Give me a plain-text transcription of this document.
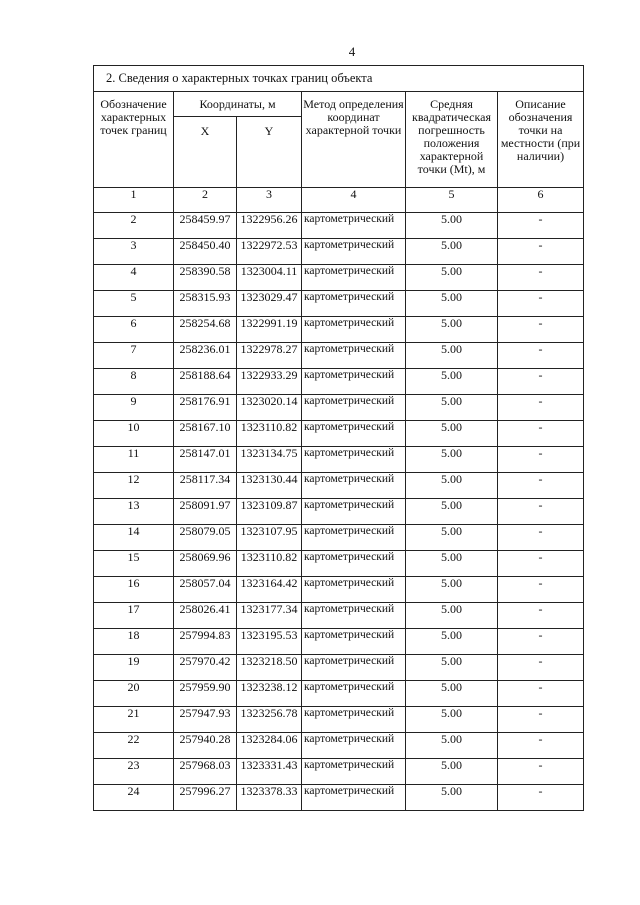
4
2. Сведения о характерных точках границ объекта					
Обозначение характерных точек границ	Координаты, м		Метод определения координат характерной точки	Средняя квадратическая погрешность положения характерной точки (Mt), м	Описание обозначения точки на местности (при наличии)
	X	Y			
1	2	3	4	5	6
2	258459.97	1322956.26	картометрический	5.00	-
3	258450.40	1322972.53	картометрический	5.00	-
4	258390.58	1323004.11	картометрический	5.00	-
5	258315.93	1323029.47	картометрический	5.00	-
6	258254.68	1322991.19	картометрический	5.00	-
7	258236.01	1322978.27	картометрический	5.00	-
8	258188.64	1322933.29	картометрический	5.00	-
9	258176.91	1323020.14	картометрический	5.00	-
10	258167.10	1323110.82	картометрический	5.00	-
11	258147.01	1323134.75	картометрический	5.00	-
12	258117.34	1323130.44	картометрический	5.00	-
13	258091.97	1323109.87	картометрический	5.00	-
14	258079.05	1323107.95	картометрический	5.00	-
15	258069.96	1323110.82	картометрический	5.00	-
16	258057.04	1323164.42	картометрический	5.00	-
17	258026.41	1323177.34	картометрический	5.00	-
18	257994.83	1323195.53	картометрический	5.00	-
19	257970.42	1323218.50	картометрический	5.00	-
20	257959.90	1323238.12	картометрический	5.00	-
21	257947.93	1323256.78	картометрический	5.00	-
22	257940.28	1323284.06	картометрический	5.00	-
23	257968.03	1323331.43	картометрический	5.00	-
24	257996.27	1323378.33	картометрический	5.00	-
